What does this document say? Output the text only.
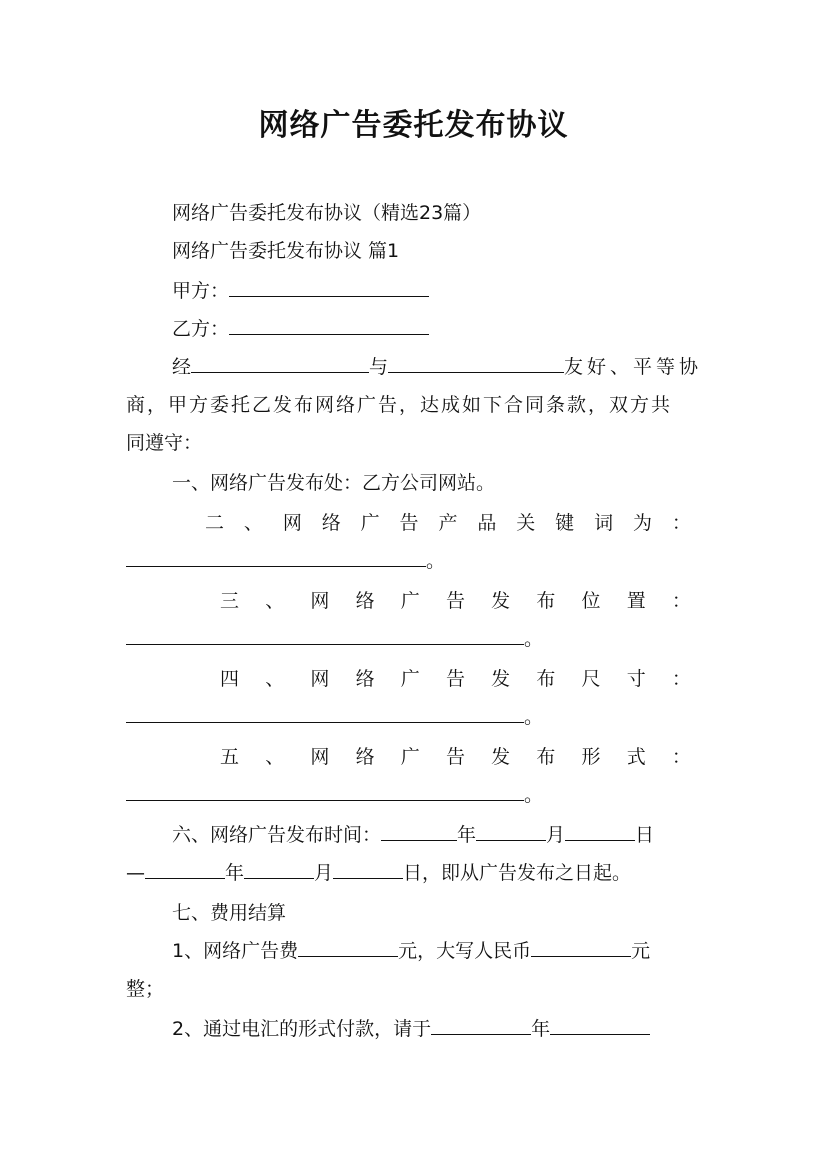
网络广告委托发布协议
网络广告委托发布协议（精选23篇）
网络广告委托发布协议 篇1
甲方：
乙方：
经	与	友好、平等协
商，甲方委托乙发布网络广告，达成如下合同条款，双方共
同遵守：
一、网络广告发布处：乙方公司网站。
二 、 网 络 广 告 产 品 关 键 词 为 ：
。
三 、 网 络 广 告 发 布 位 置 ：
。
四 、 网 络 广 告 发 布 尺 寸 ：
。
五 、 网 络 广 告 发 布 形 式 ：
。
六、网络广告发布时间：	年	月	日
—	年	月	日，即从广告发布之日起。
七、费用结算
1、网络广告费	元，大写人民币	元
整；
2、通过电汇的形式付款，请于	年
